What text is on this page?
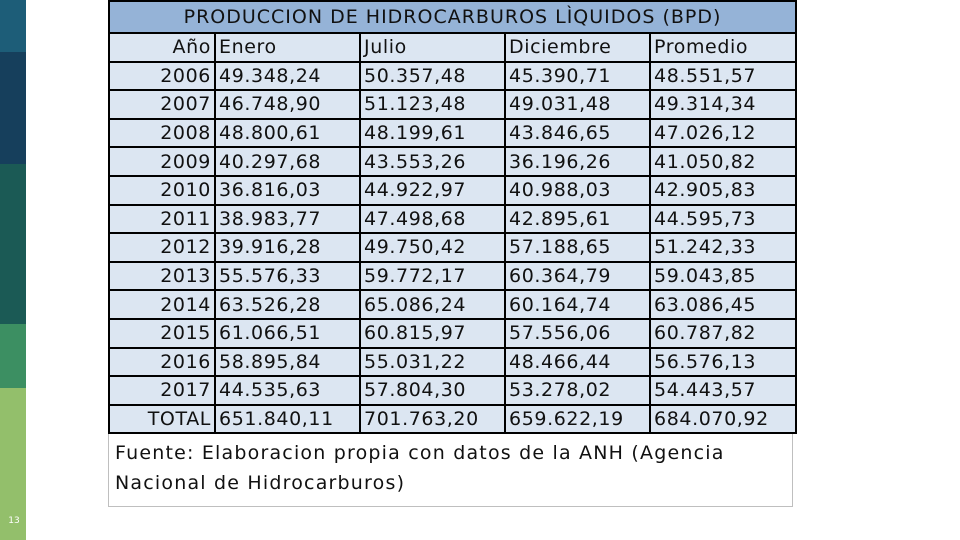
13
PRODUCCION DE HIDROCARBUROS LÌQUIDOS (BPD)				
Año	Enero	Julio	Diciembre	Promedio
2006	49.348,24	50.357,48	45.390,71	48.551,57
2007	46.748,90	51.123,48	49.031,48	49.314,34
2008	48.800,61	48.199,61	43.846,65	47.026,12
2009	40.297,68	43.553,26	36.196,26	41.050,82
2010	36.816,03	44.922,97	40.988,03	42.905,83
2011	38.983,77	47.498,68	42.895,61	44.595,73
2012	39.916,28	49.750,42	57.188,65	51.242,33
2013	55.576,33	59.772,17	60.364,79	59.043,85
2014	63.526,28	65.086,24	60.164,74	63.086,45
2015	61.066,51	60.815,97	57.556,06	60.787,82
2016	58.895,84	55.031,22	48.466,44	56.576,13
2017	44.535,63	57.804,30	53.278,02	54.443,57
TOTAL	651.840,11	701.763,20	659.622,19	684.070,92
Fuente: Elaboracion propia con datos de la ANH (Agencia Nacional de Hidrocarburos)
